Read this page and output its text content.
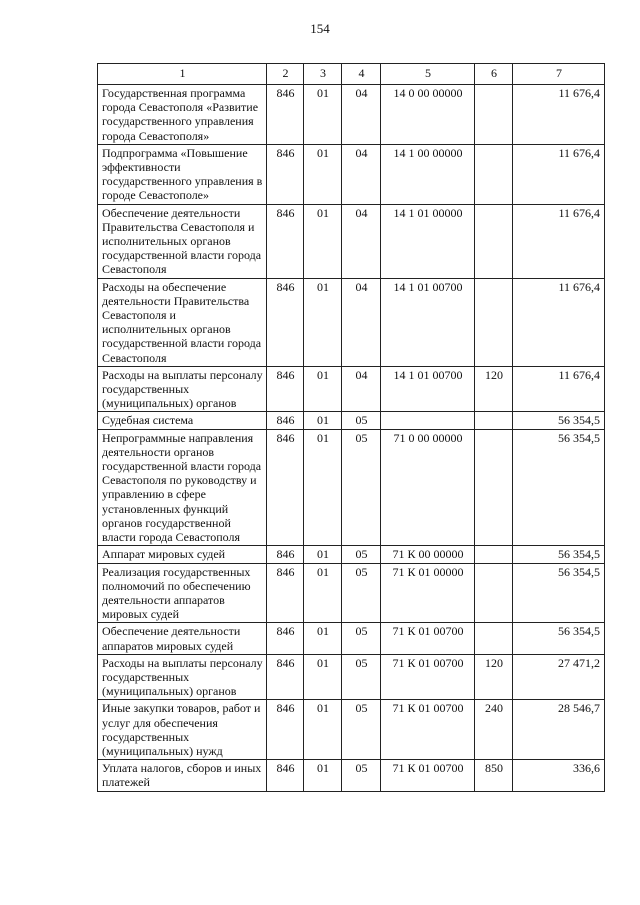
154
1	2	3	4	5	6	7
Государственная программа города Севастополя «Развитие государственного управления города Севастополя»	846	01	04	14 0 00 00000		11 676,4
Подпрограмма «Повышение эффективности государственного управления в городе Севастополе»	846	01	04	14 1 00 00000		11 676,4
Обеспечение деятельности Правительства Севастополя и исполнительных органов государственной власти города Севастополя	846	01	04	14 1 01 00000		11 676,4
Расходы на обеспечение деятельности Правительства Севастополя и исполнительных органов государственной власти города Севастополя	846	01	04	14 1 01 00700		11 676,4
Расходы на выплаты персоналу государственных (муниципальных) органов	846	01	04	14 1 01 00700	120	11 676,4
Судебная система	846	01	05			56 354,5
Непрограммные направления деятельности органов государственной власти города Севастополя по руководству и управлению в сфере установленных функций органов государственной власти города Севастополя	846	01	05	71 0 00 00000		56 354,5
Аппарат мировых судей	846	01	05	71 К 00 00000		56 354,5
Реализация государственных полномочий по обеспечению деятельности аппаратов мировых судей	846	01	05	71 К 01 00000		56 354,5
Обеспечение деятельности аппаратов мировых судей	846	01	05	71 К 01 00700		56 354,5
Расходы на выплаты персоналу государственных (муниципальных) органов	846	01	05	71 К 01 00700	120	27 471,2
Иные закупки товаров, работ и услуг для обеспечения государственных (муниципальных) нужд	846	01	05	71 К 01 00700	240	28 546,7
Уплата налогов, сборов и иных платежей	846	01	05	71 К 01 00700	850	336,6
